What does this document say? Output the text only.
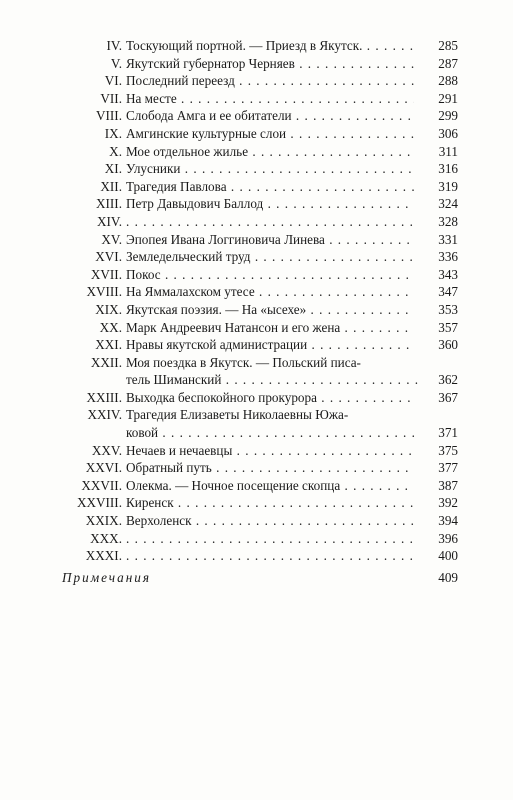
IV. Тоскующий портной. — Приезд в Якутск. . . .	285
V. Якутский губернатор Черняев . . .	287
VI. Последний переезд . . .	288
VII. На месте . . .	291
VIII. Слобода Амга и ее обитатели . . .	299
IX. Амгинские культурные слои . . .	306
X. Мое отдельное жилье . . .	311
XI. Улусники . . .	316
XII. Трагедия Павлова . . .	319
XIII. Петр Давыдович Баллод . . .	324
XIV. . . .	328
XV. Эпопея Ивана Логгиновича Линева . . .	331
XVI. Земледельческий труд . . .	336
XVII. Покос . . .	343
XVIII. На Яммалахском утесе . . .	347
XIX. Якутская поэзия. — На «ысехе» . . .	353
XX. Марк Андреевич Натансон и его жена . . .	357
XXI. Нравы якутской администрации . . .	360
XXII. Моя поездка в Якутск. — Польский писа-
тель Шиманский . . .	362
XXIII. Выходка беспокойного прокурора . . .	367
XXIV. Трагедия Елизаветы Николаевны Южа-
ковой . . .	371
XXV. Нечаев и нечаевцы . . .	375
XXVI. Обратный путь . . .	377
XXVII. Олекма. — Ночное посещение скопца . . .	387
XXVIII. Киренск . . .	392
XXIX. Верхоленск . . .	394
XXX. . . .	396
XXXI. . . .	400
Примечания	409
